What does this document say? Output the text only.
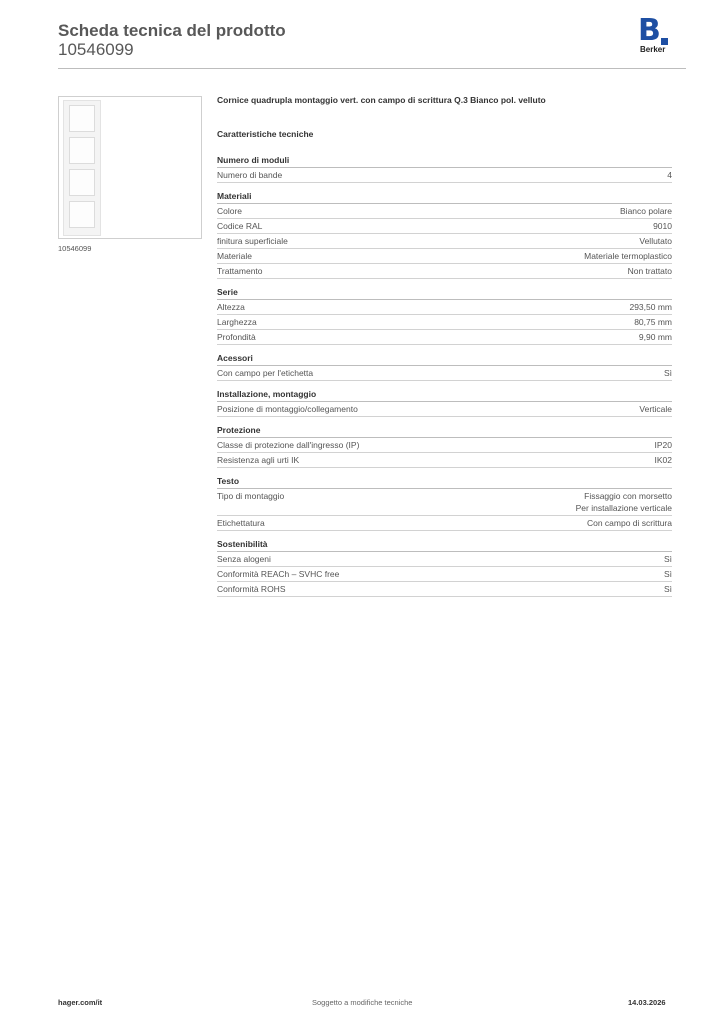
Scheda tecnica del prodotto
10546099
B
Berker
10546099
Cornice quadrupla montaggio vert. con campo di scrittura Q.3 Bianco pol. velluto
Caratteristiche tecniche
Numero di moduli
Numero di bande	4
Materiali
Colore	Bianco polare
Codice RAL	9010
finitura superficiale	Vellutato
Materiale	Materiale termoplastico
Trattamento	Non trattato
Serie
Altezza	293,50 mm
Larghezza	80,75 mm
Profondità	9,90 mm
Acessori
Con campo per l'etichetta	Sì
Installazione, montaggio
Posizione di montaggio/collegamento	Verticale
Protezione
Classe di protezione dall'ingresso (IP)	IP20
Resistenza agli urti IK	IK02
Testo
Tipo di montaggio	Fissaggio con morsetto
Per installazione verticale
Etichettatura	Con campo di scrittura
Sostenibilità
Senza alogeni	Sì
Conformità REACh – SVHC free	Sì
Conformità ROHS	Sì
hager.com/it	Soggetto a modifiche tecniche	14.03.2026
